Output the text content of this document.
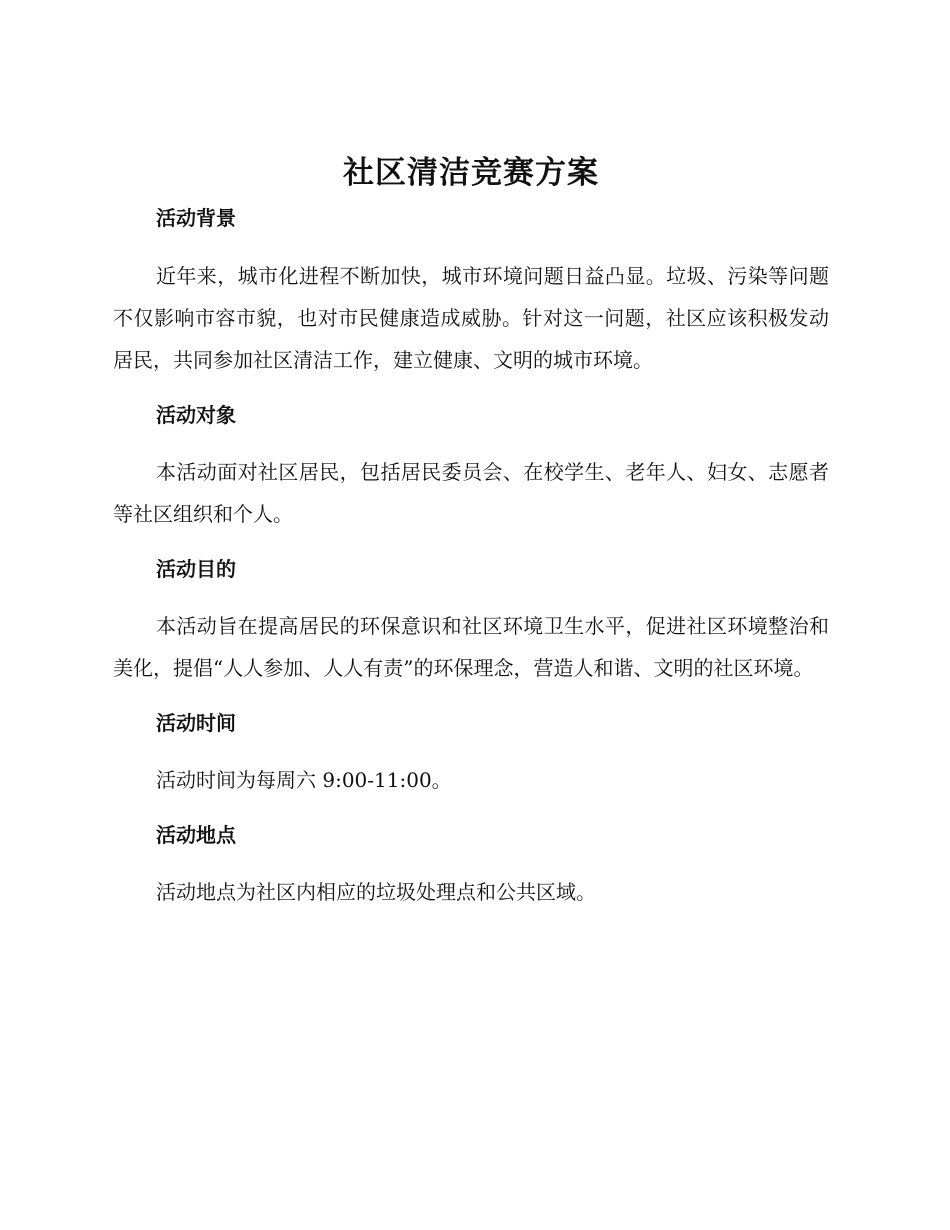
社区清洁竞赛方案
活动背景

近年来，城市化进程不断加快，城市环境问题日益凸显。垃圾、污染等问题不仅影响市容市貌，也对市民健康造成威胁。针对这一问题，社区应该积极发动居民，共同参加社区清洁工作，建立健康、文明的城市环境。

活动对象

本活动面对社区居民，包括居民委员会、在校学生、老年人、妇女、志愿者等社区组织和个人。

活动目的

本活动旨在提高居民的环保意识和社区环境卫生水平，促进社区环境整治和美化，提倡“人人参加、人人有责”的环保理念，营造人和谐、文明的社区环境。

活动时间

活动时间为每周六 9:00-11:00。

活动地点

活动地点为社区内相应的垃圾处理点和公共区域。
